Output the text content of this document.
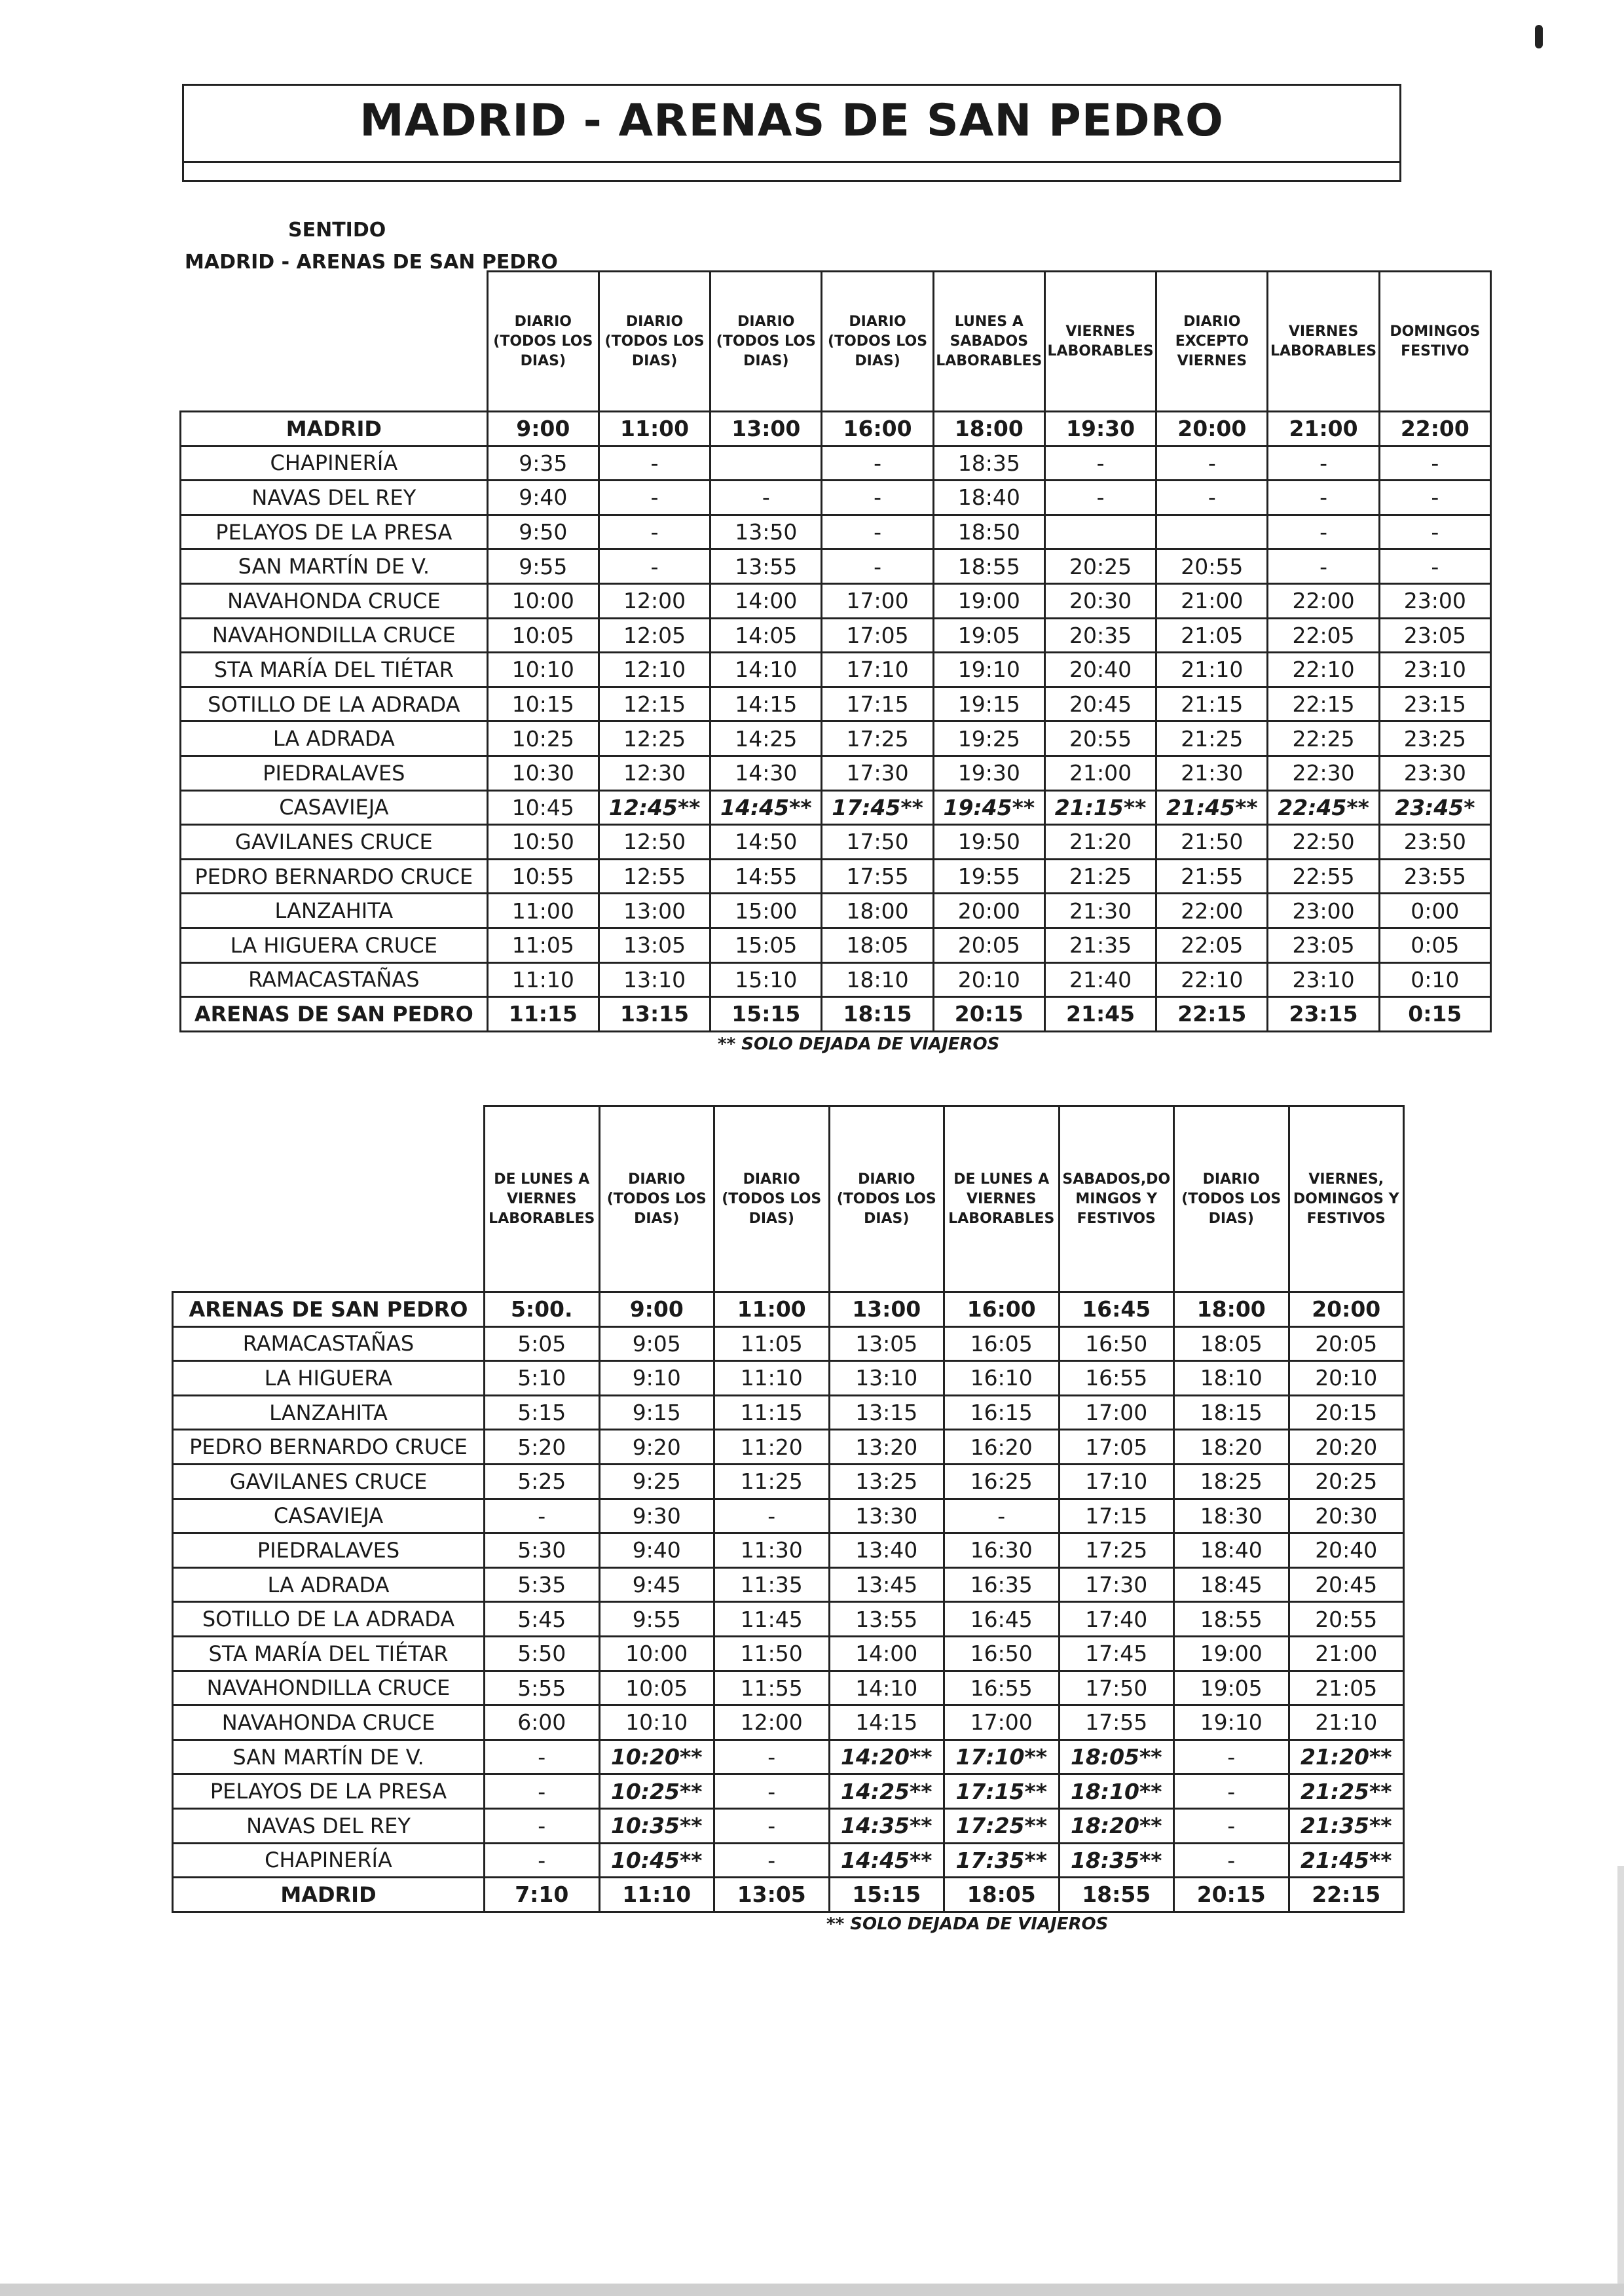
MADRID - ARENAS DE SAN PEDRO
SENTIDO
MADRID - ARENAS DE SAN PEDRO
	DIARIO (TODOS LOS DIAS)	DIARIO (TODOS LOS DIAS)	DIARIO (TODOS LOS DIAS)	DIARIO (TODOS LOS DIAS)	LUNES A SABADOS LABORABLES	VIERNES LABORABLES	DIARIO EXCEPTO VIERNES	VIERNES LABORABLES	DOMINGOS FESTIVO
MADRID	9:00	11:00	13:00	16:00	18:00	19:30	20:00	21:00	22:00
CHAPINERÍA	9:35	-		-	18:35	-	-	-	-
NAVAS DEL REY	9:40	-	-	-	18:40	-	-	-	-
PELAYOS DE LA PRESA	9:50	-	13:50	-	18:50			-	-
SAN MARTÍN DE V.	9:55	-	13:55	-	18:55	20:25	20:55	-	-
NAVAHONDA CRUCE	10:00	12:00	14:00	17:00	19:00	20:30	21:00	22:00	23:00
NAVAHONDILLA CRUCE	10:05	12:05	14:05	17:05	19:05	20:35	21:05	22:05	23:05
STA MARÍA DEL TIÉTAR	10:10	12:10	14:10	17:10	19:10	20:40	21:10	22:10	23:10
SOTILLO DE LA ADRADA	10:15	12:15	14:15	17:15	19:15	20:45	21:15	22:15	23:15
LA ADRADA	10:25	12:25	14:25	17:25	19:25	20:55	21:25	22:25	23:25
PIEDRALAVES	10:30	12:30	14:30	17:30	19:30	21:00	21:30	22:30	23:30
CASAVIEJA	10:45	12:45**	14:45**	17:45**	19:45**	21:15**	21:45**	22:45**	23:45*
GAVILANES CRUCE	10:50	12:50	14:50	17:50	19:50	21:20	21:50	22:50	23:50
PEDRO BERNARDO CRUCE	10:55	12:55	14:55	17:55	19:55	21:25	21:55	22:55	23:55
LANZAHITA	11:00	13:00	15:00	18:00	20:00	21:30	22:00	23:00	0:00
LA HIGUERA CRUCE	11:05	13:05	15:05	18:05	20:05	21:35	22:05	23:05	0:05
RAMACASTAÑAS	11:10	13:10	15:10	18:10	20:10	21:40	22:10	23:10	0:10
ARENAS DE SAN PEDRO	11:15	13:15	15:15	18:15	20:15	21:45	22:15	23:15	0:15
** SOLO DEJADA DE VIAJEROS
	DE LUNES A VIERNES LABORABLES	DIARIO (TODOS LOS DIAS)	DIARIO (TODOS LOS DIAS)	DIARIO (TODOS LOS DIAS)	DE LUNES A VIERNES LABORABLES	SABADOS,DO MINGOS Y FESTIVOS	DIARIO (TODOS LOS DIAS)	VIERNES, DOMINGOS Y FESTIVOS
ARENAS DE SAN PEDRO	5:00.	9:00	11:00	13:00	16:00	16:45	18:00	20:00
RAMACASTAÑAS	5:05	9:05	11:05	13:05	16:05	16:50	18:05	20:05
LA HIGUERA	5:10	9:10	11:10	13:10	16:10	16:55	18:10	20:10
LANZAHITA	5:15	9:15	11:15	13:15	16:15	17:00	18:15	20:15
PEDRO BERNARDO CRUCE	5:20	9:20	11:20	13:20	16:20	17:05	18:20	20:20
GAVILANES CRUCE	5:25	9:25	11:25	13:25	16:25	17:10	18:25	20:25
CASAVIEJA	-	9:30	-	13:30	-	17:15	18:30	20:30
PIEDRALAVES	5:30	9:40	11:30	13:40	16:30	17:25	18:40	20:40
LA ADRADA	5:35	9:45	11:35	13:45	16:35	17:30	18:45	20:45
SOTILLO DE LA ADRADA	5:45	9:55	11:45	13:55	16:45	17:40	18:55	20:55
STA MARÍA DEL TIÉTAR	5:50	10:00	11:50	14:00	16:50	17:45	19:00	21:00
NAVAHONDILLA CRUCE	5:55	10:05	11:55	14:10	16:55	17:50	19:05	21:05
NAVAHONDA CRUCE	6:00	10:10	12:00	14:15	17:00	17:55	19:10	21:10
SAN MARTÍN DE V.	-	10:20**	-	14:20**	17:10**	18:05**	-	21:20**
PELAYOS DE LA PRESA	-	10:25**	-	14:25**	17:15**	18:10**	-	21:25**
NAVAS DEL REY	-	10:35**	-	14:35**	17:25**	18:20**	-	21:35**
CHAPINERÍA	-	10:45**	-	14:45**	17:35**	18:35**	-	21:45**
MADRID	7:10	11:10	13:05	15:15	18:05	18:55	20:15	22:15
** SOLO DEJADA DE VIAJEROS
